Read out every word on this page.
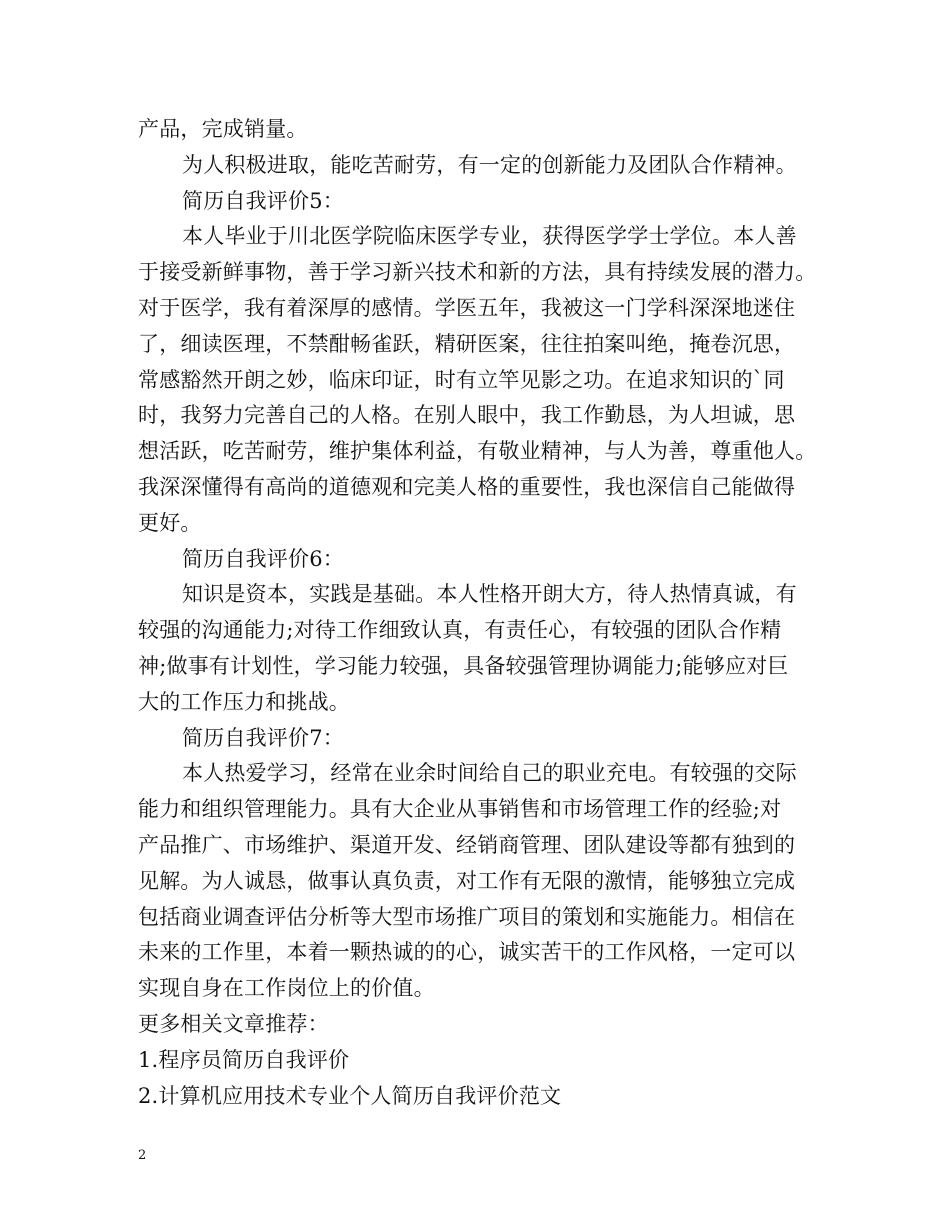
产品，完成销量。
为人积极进取，能吃苦耐劳，有一定的创新能力及团队合作精神。
简历自我评价5：
本人毕业于川北医学院临床医学专业，获得医学学士学位。本人善
于接受新鲜事物，善于学习新兴技术和新的方法，具有持续发展的潜力。
对于医学，我有着深厚的感情。学医五年，我被这一门学科深深地迷住
了，细读医理，不禁酣畅雀跃，精研医案，往往拍案叫绝，掩卷沉思，
常感豁然开朗之妙，临床印证，时有立竿见影之功。在追求知识的`同
时，我努力完善自己的人格。在别人眼中，我工作勤恳，为人坦诚，思
想活跃，吃苦耐劳，维护集体利益，有敬业精神，与人为善，尊重他人。
我深深懂得有高尚的道德观和完美人格的重要性，我也深信自己能做得
更好。
简历自我评价6：
知识是资本，实践是基础。本人性格开朗大方，待人热情真诚，有
较强的沟通能力;对待工作细致认真，有责任心，有较强的团队合作精
神;做事有计划性，学习能力较强，具备较强管理协调能力;能够应对巨
大的工作压力和挑战。
简历自我评价7：
本人热爱学习，经常在业余时间给自己的职业充电。有较强的交际
能力和组织管理能力。具有大企业从事销售和市场管理工作的经验;对
产品推广、市场维护、渠道开发、经销商管理、团队建设等都有独到的
见解。为人诚恳，做事认真负责，对工作有无限的激情，能够独立完成
包括商业调查评估分析等大型市场推广项目的策划和实施能力。相信在
未来的工作里，本着一颗热诚的的心，诚实苦干的工作风格，一定可以
实现自身在工作岗位上的价值。
更多相关文章推荐：
1.程序员简历自我评价
2.计算机应用技术专业个人简历自我评价范文
2
